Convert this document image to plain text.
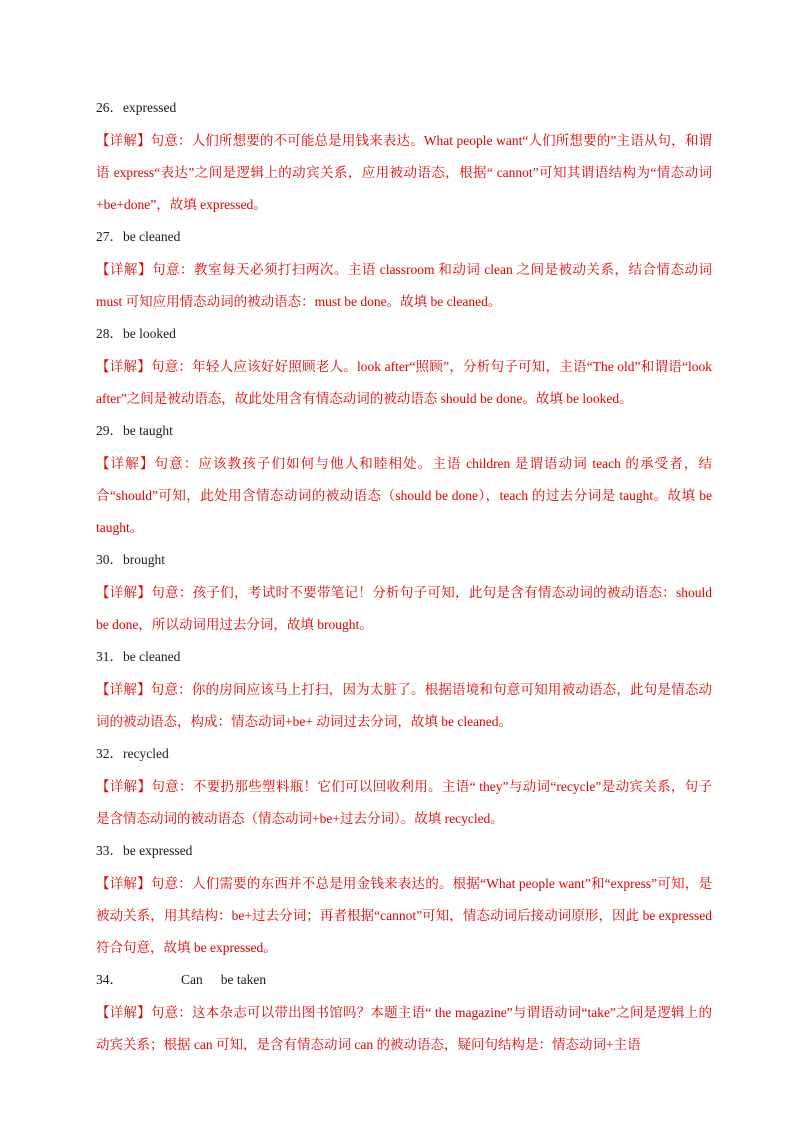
26．expressed

【详解】句意：人们所想要的不可能总是用钱来表达。What people want“人们所想要的”主语从句，和谓语 express“表达”之间是逻辑上的动宾关系，应用被动语态，根据“ cannot”可知其谓语结构为“情态动词+be+done”，故填 expressed。

27．be cleaned

【详解】句意：教室每天必须打扫两次。主语 classroom 和动词 clean 之间是被动关系，结合情态动词 must 可知应用情态动词的被动语态：must be done。故填 be cleaned。

28．be looked

【详解】句意：年轻人应该好好照顾老人。look after“照顾”，分析句子可知，主语“The old”和谓语“look after”之间是被动语态，故此处用含有情态动词的被动语态 should be done。故填 be looked。

29．be taught

【详解】句意：应该教孩子们如何与他人和睦相处。主语 children 是谓语动词 teach 的承受者，结合“should”可知，此处用含情态动词的被动语态（should be done），teach 的过去分词是 taught。故填 be taught。

30．brought

【详解】句意：孩子们，考试时不要带笔记！分析句子可知，此句是含有情态动词的被动语态：should be done，所以动词用过去分词，故填 brought。

31．be cleaned

【详解】句意：你的房间应该马上打扫，因为太脏了。根据语境和句意可知用被动语态，此句是情态动词的被动语态，构成：情态动词+be+ 动词过去分词，故填 be cleaned。

32．recycled

【详解】句意：不要扔那些塑料瓶！它们可以回收利用。主语“ they”与动词“recycle”是动宾关系，句子是含情态动词的被动语态（情态动词+be+过去分词）。故填 recycled。

33．be expressed

【详解】句意：人们需要的东西并不总是用金钱来表达的。根据“What people want”和“express”可知，是被动关系，用其结构：be+过去分词；再者根据“cannot”可知，情态动词后接动词原形，因此 be expressed 符合句意，故填 be expressed。

34．	Can be taken

【详解】句意：这本杂志可以带出图书馆吗？本题主语“ the magazine”与谓语动词“take”之间是逻辑上的动宾关系；根据 can 可知，是含有情态动词 can 的被动语态，疑问句结构是：情态动词+主语
